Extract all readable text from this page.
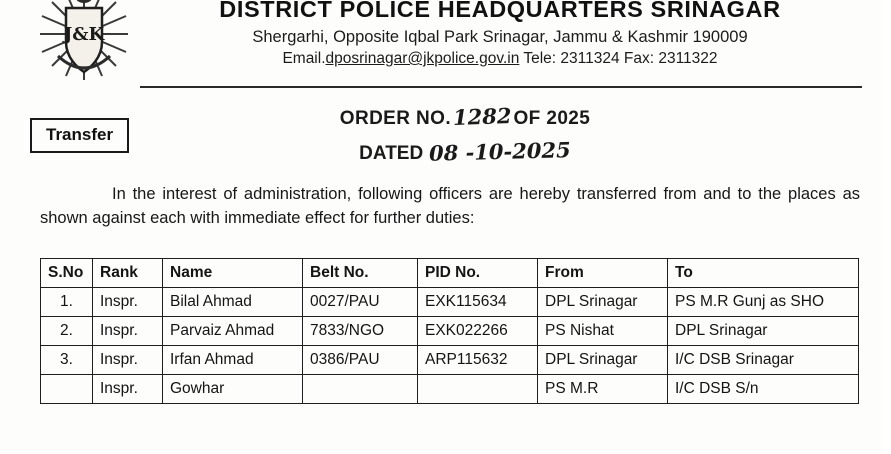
J&K
DISTRICT POLICE HEADQUARTERS SRINAGAR
Shergarhi, Opposite Iqbal Park Srinagar, Jammu & Kashmir 190009
Email.dposrinagar@jkpolice.gov.in Tele: 2311324 Fax: 2311322
Transfer
ORDER NO.1282OF 2025
DATED 08 -10-2025
In the interest of administration, following officers are hereby transferred from and to the places as shown against each with immediate effect for further duties:
S.No	Rank	Name	Belt No.	PID No.	From	To
1.	Inspr.	Bilal Ahmad	0027/PAU	EXK115634	DPL Srinagar	PS M.R Gunj as SHO
2.	Inspr.	Parvaiz Ahmad	7833/NGO	EXK022266	PS Nishat	DPL Srinagar
3.	Inspr.	Irfan Ahmad	0386/PAU	ARP115632	DPL Srinagar	I/C DSB Srinagar
	Inspr.	Gowhar			PS M.R	I/C DSB S/n
